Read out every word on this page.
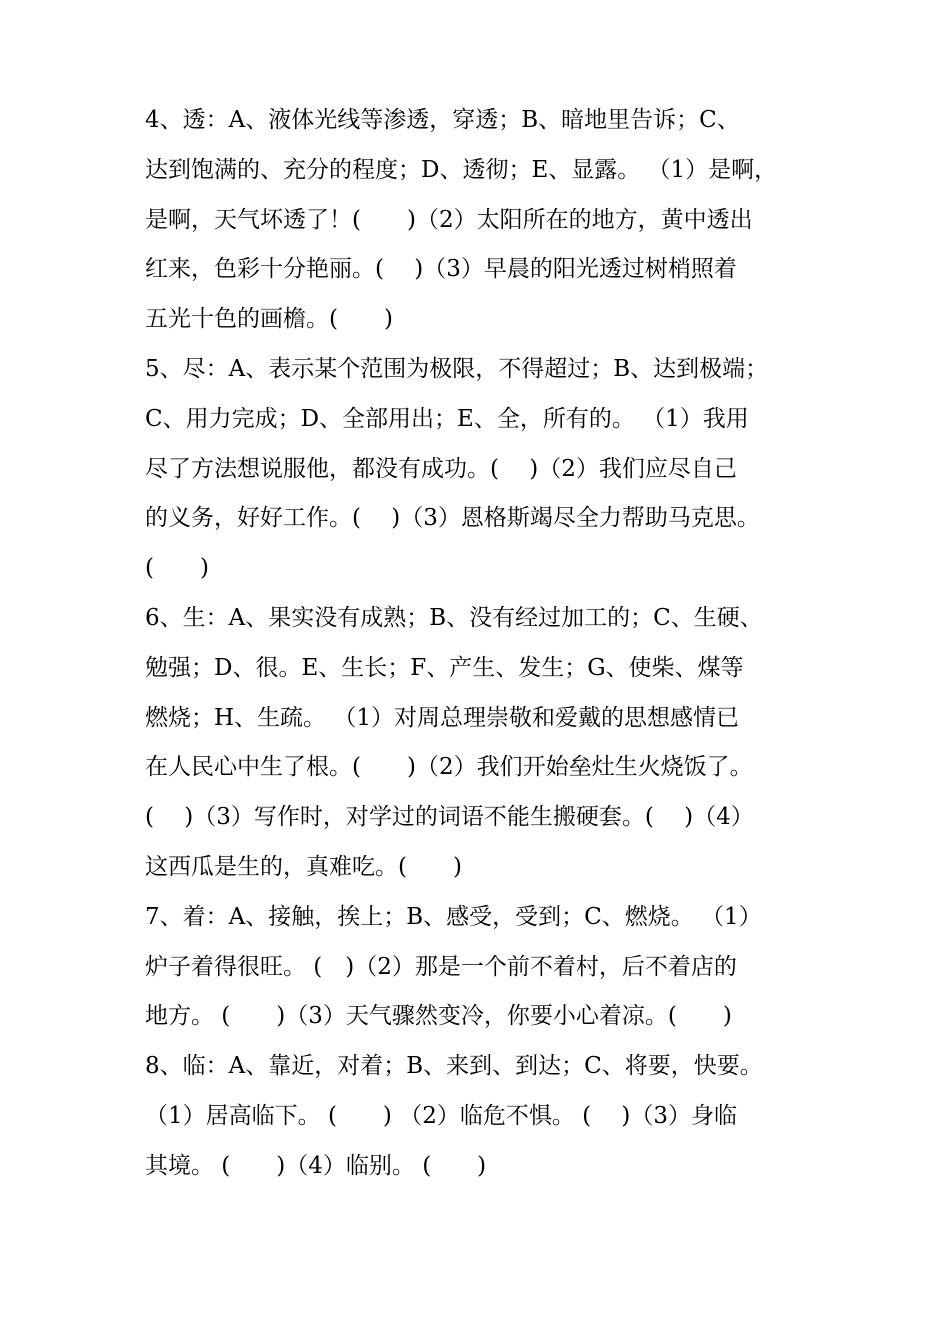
4、透：A、液体光线等渗透，穿透；B、暗地里告诉；C、
达到饱满的、充分的程度；D、透彻；E、显露。 （1）是啊，
是啊，天气坏透了！(　　)（2）太阳所在的地方，黄中透出
红来，色彩十分艳丽。(　 )（3）早晨的阳光透过树梢照着
五光十色的画檐。(　　)
5、尽：A、表示某个范围为极限，不得超过；B、达到极端；
C、用力完成；D、全部用出；E、全，所有的。 （1）我用
尽了方法想说服他，都没有成功。(　 )（2）我们应尽自己
的义务，好好工作。(　 )（3）恩格斯竭尽全力帮助马克思。
(　　)
6、生：A、果实没有成熟；B、没有经过加工的；C、生硬、
勉强；D、很。E、生长；F、产生、发生；G、使柴、煤等
燃烧；H、生疏。 （1）对周总理崇敬和爱戴的思想感情已
在人民心中生了根。(　　)（2）我们开始垒灶生火烧饭了。
(　 )（3）写作时，对学过的词语不能生搬硬套。(　 )（4）
这西瓜是生的，真难吃。(　　)
7、着：A、接触，挨上；B、感受，受到；C、燃烧。 （1）
炉子着得很旺。 (　)（2）那是一个前不着村，后不着店的
地方。 (　　)（3）天气骤然变冷，你要小心着凉。(　　)
8、临：A、靠近，对着；B、来到、到达；C、将要，快要。
（1）居高临下。 (　　) （2）临危不惧。 (　 )（3）身临
其境。 (　　)（4）临别。 (　　)
